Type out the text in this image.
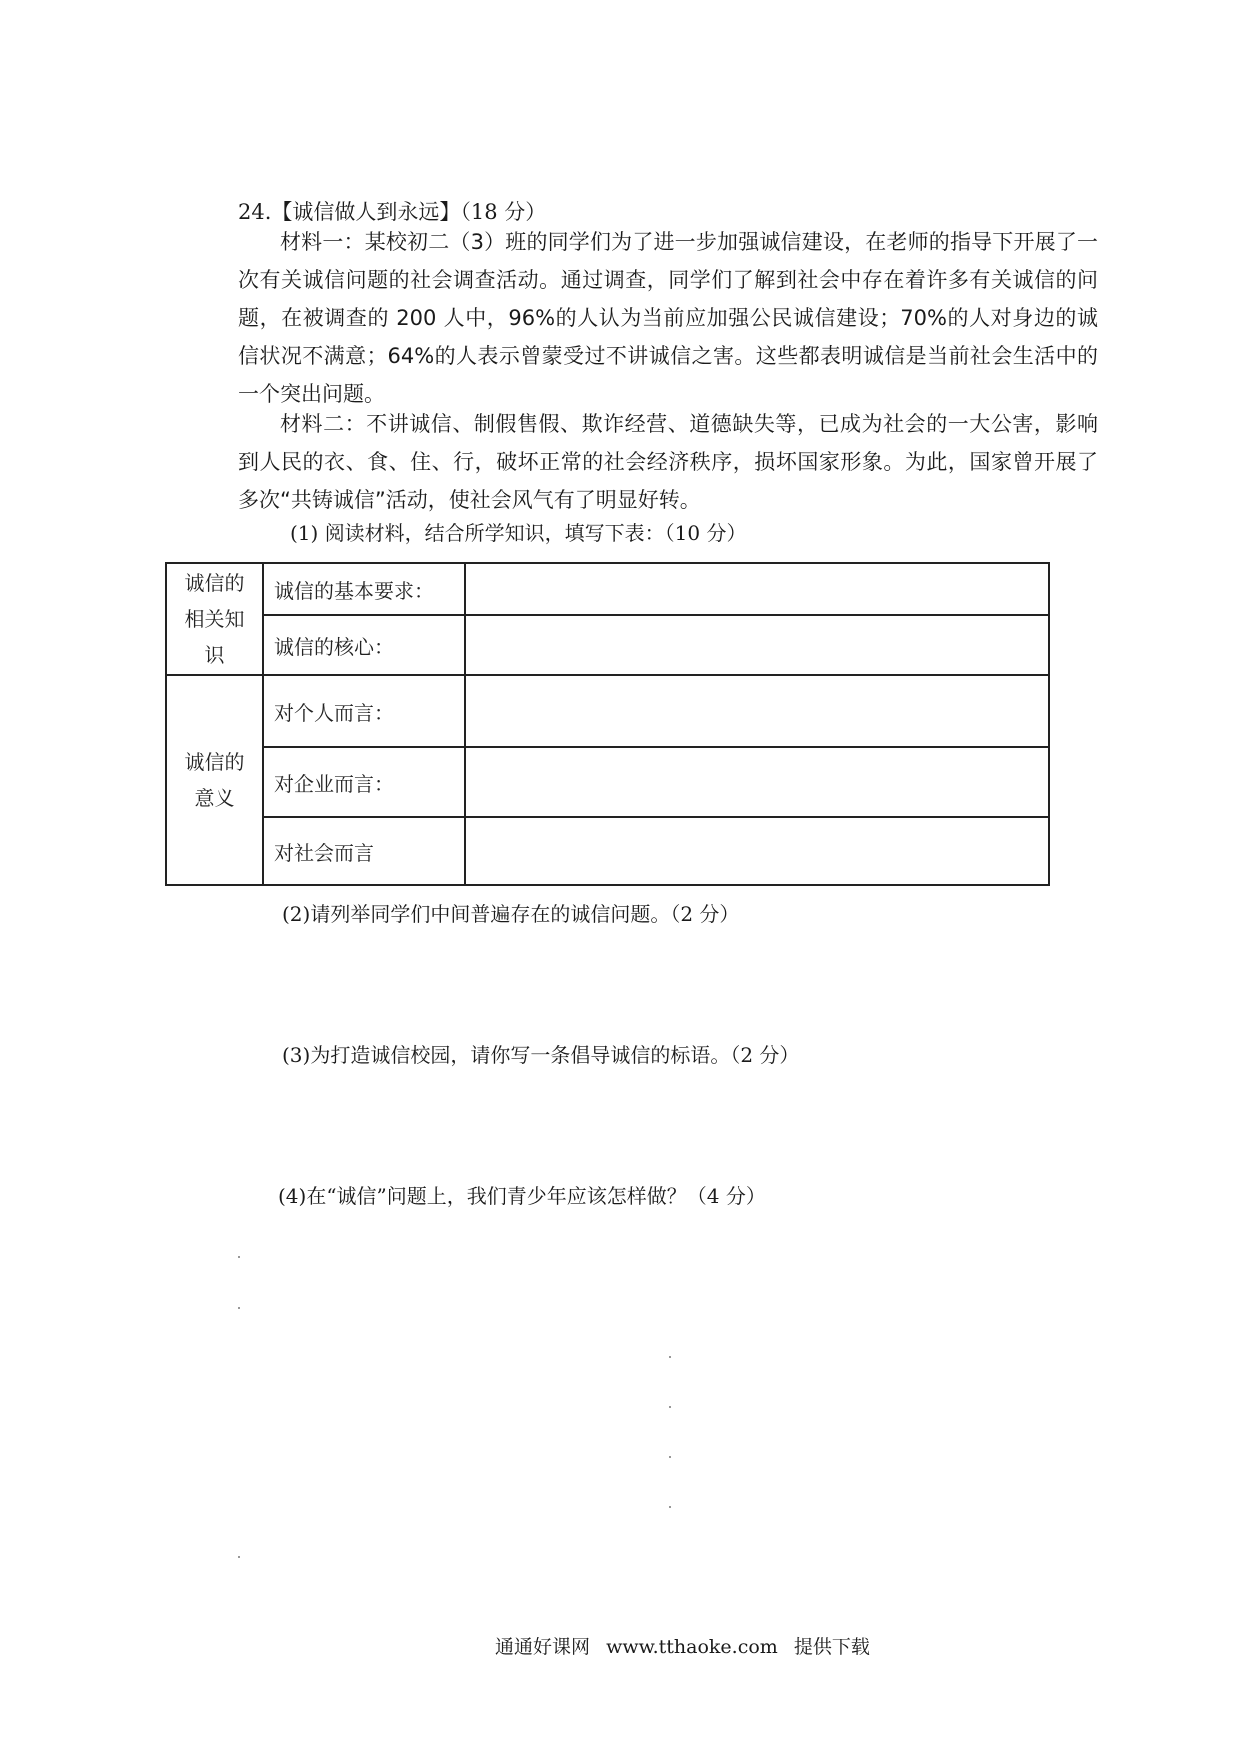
24.【诚信做人到永远】（18 分）

材料一：某校初二（3）班的同学们为了进一步加强诚信建设，在老师的指导下开展了一次有关诚信问题的社会调查活动。通过调查，同学们了解到社会中存在着许多有关诚信的问题，在被调查的 200 人中，96%的人认为当前应加强公民诚信建设；70%的人对身边的诚信状况不满意；64%的人表示曾蒙受过不讲诚信之害。这些都表明诚信是当前社会生活中的一个突出问题。

材料二：不讲诚信、制假售假、欺诈经营、道德缺失等，已成为社会的一大公害，影响到人民的衣、食、住、行，破坏正常的社会经济秩序，损坏国家形象。为此，国家曾开展了多次“共铸诚信”活动，使社会风气有了明显好转。

(1) 阅读材料，结合所学知识，填写下表：（10 分）
诚信的
相关知
识	诚信的基本要求：	
	诚信的核心：	

诚信的
意义	对个人而言：	
	对企业而言：	
	对社会而言	
(2)请列举同学们中间普遍存在的诚信问题。（2 分）
(3)为打造诚信校园，请你写一条倡导诚信的标语。（2 分）
(4)在“诚信”问题上，我们青少年应该怎样做？（4 分）
通通好课网 www.tthaoke.com 提供下载
